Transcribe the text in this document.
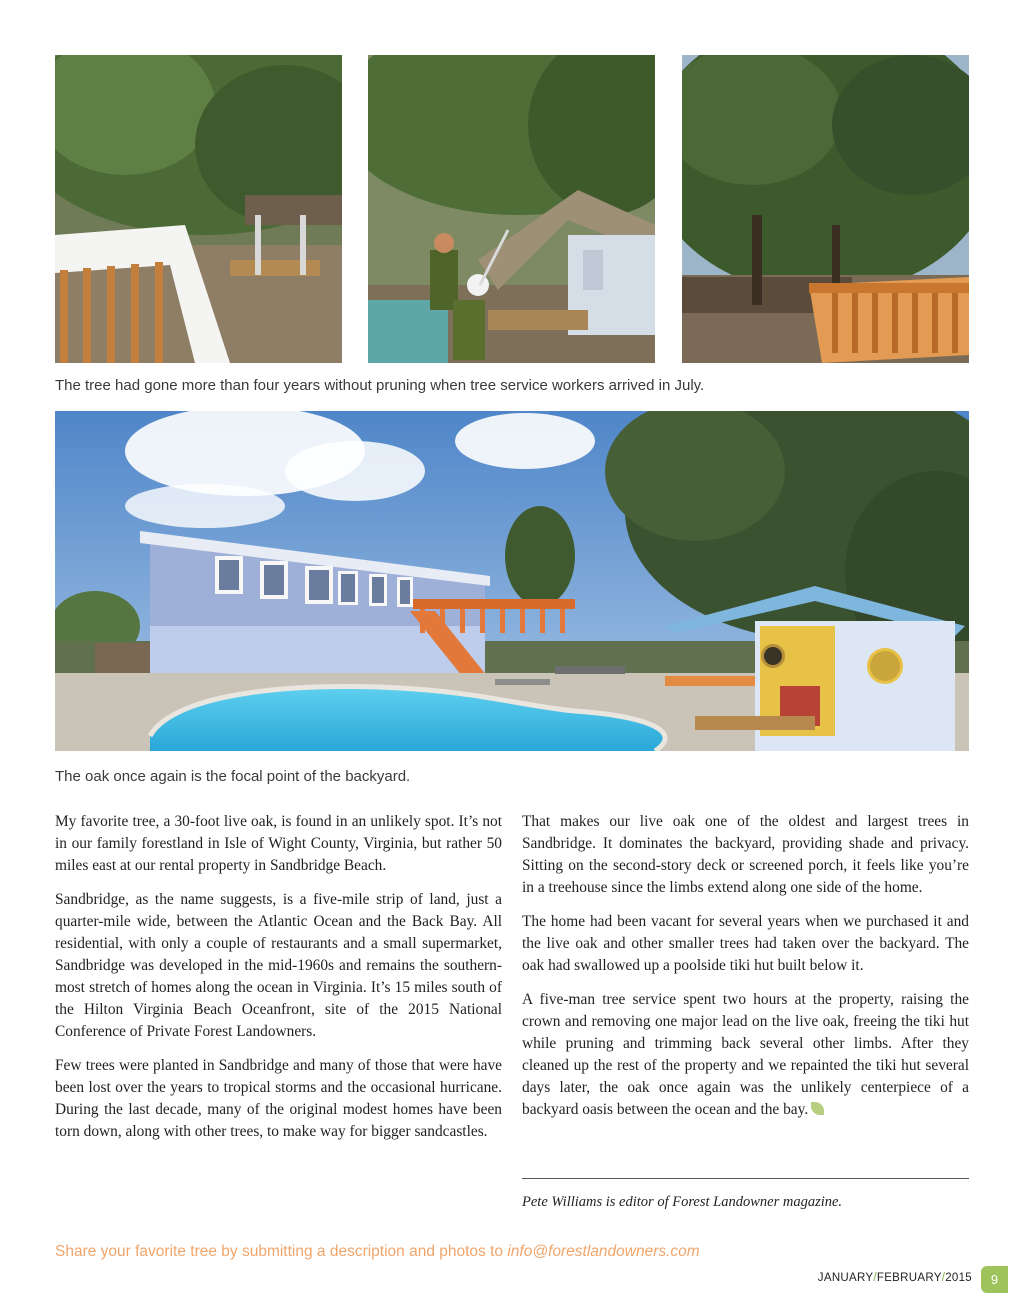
The tree had gone more than four years without pruning when tree service workers arrived in July.
The oak once again is the focal point of the backyard.

My favorite tree, a 30-foot live oak, is found in an unlikely spot. It’s not in our family forestland in Isle of Wight County, Virginia, but rather 50 miles east at our rental property in Sandbridge Beach.

Sandbridge, as the name suggests, is a five-mile strip of land, just a quarter-mile wide, between the Atlantic Ocean and the Back Bay. All residential, with only a couple of restaurants and a small supermarket, Sandbridge was developed in the mid-1960s and remains the southern-most stretch of homes along the ocean in Virginia. It’s 15 miles south of the Hilton Virginia Beach Oceanfront, site of the 2015 National Conference of Private Forest Landowners.

Few trees were planted in Sandbridge and many of those that were have been lost over the years to tropical storms and the occasional hurricane. During the last decade, many of the original modest homes have been torn down, along with other trees, to make way for bigger sandcastles.

That makes our live oak one of the oldest and largest trees in Sandbridge. It dominates the backyard, providing shade and privacy. Sitting on the second-story deck or screened porch, it feels like you’re in a treehouse since the limbs extend along one side of the home.

The home had been vacant for several years when we purchased it and the live oak and other smaller trees had taken over the backyard. The oak had swallowed up a poolside tiki hut built below it.

A five-man tree service spent two hours at the property, raising the crown and removing one major lead on the live oak, freeing the tiki hut while pruning and trimming back several other limbs. After they cleaned up the rest of the property and we repainted the tiki hut several days later, the oak once again was the unlikely centerpiece of a backyard oasis between the ocean and the bay.

Pete Williams is editor of Forest Landowner magazine.
Share your favorite tree by submitting a description and photos to info@forestlandowners.com
JANUARY/FEBRUARY/2015	9
